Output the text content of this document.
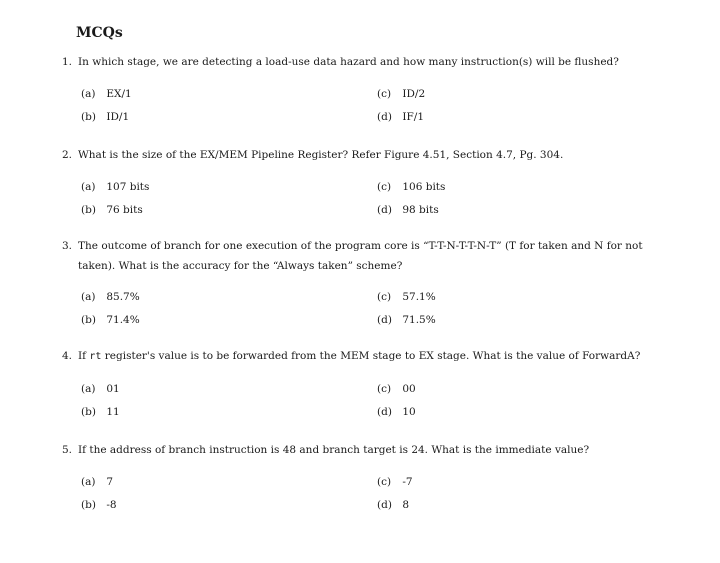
MCQs
1. In which stage, we are detecting a load-use data hazard and how many instruction(s) will be flushed?
(a) EX/1
(b) ID/1
(c) ID/2
(d) IF/1
2. What is the size of the EX/MEM Pipeline Register? Refer Figure 4.51, Section 4.7, Pg. 304.
(a) 107 bits
(b) 76 bits
(c) 106 bits
(d) 98 bits
3. The outcome of branch for one execution of the program core is “T-T-N-T-T-N-T” (T for taken and N for not
taken). What is the accuracy for the “Always taken” scheme?
(a) 85.7%
(b) 71.4%
(c) 57.1%
(d) 71.5%
4. If rt register's value is to be forwarded from the MEM stage to EX stage. What is the value of ForwardA?
(a) 01
(b) 11
(c) 00
(d) 10
5. If the address of branch instruction is 48 and branch target is 24. What is the immediate value?
(a) 7
(b) -8
(c) -7
(d) 8
